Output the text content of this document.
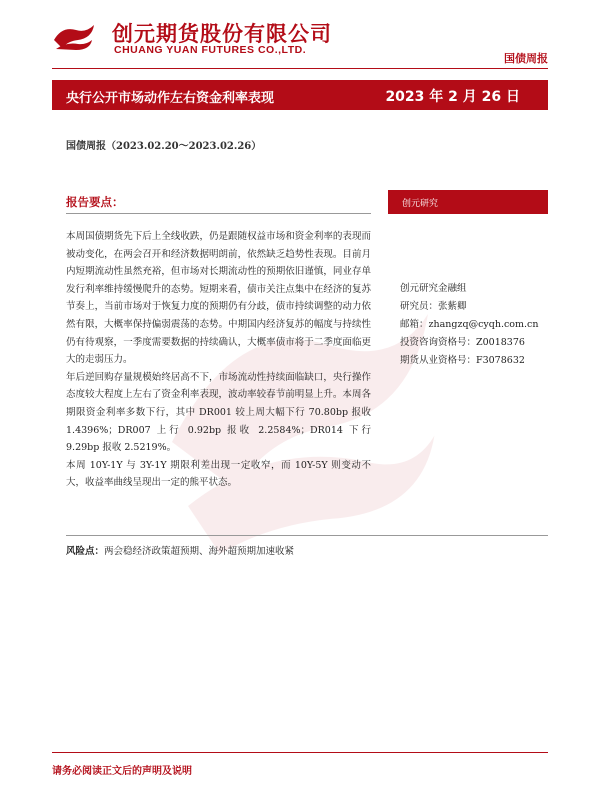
创元期货股份有限公司
CHUANG YUAN FUTURES CO.,LTD.
国债周报
央行公开市场动作左右资金利率表现	2023 年 2 月 26 日
国债周报（2023.02.20～2023.02.26）
报告要点：	创元研究
创元研究金融组
研究员：张紫卿
邮箱：zhangzq@cyqh.com.cn
投资咨询资格号：Z0018376
期货从业资格号：F3078632

本周国债期货先下后上全线收跌，仍是跟随权益市场和资金利率的表现而被动变化，在两会召开和经济数据明朗前，依然缺乏趋势性表现。目前月内短期流动性虽然充裕，但市场对长期流动性的预期依旧谨慎，同业存单发行利率维持缓慢爬升的态势。短期来看，债市关注点集中在经济的复苏节奏上，当前市场对于恢复力度的预期仍有分歧，债市持续调整的动力依然有限，大概率保持偏弱震荡的态势。中期国内经济复苏的幅度与持续性仍有待观察，一季度需要数据的持续确认，大概率债市将于二季度面临更大的走弱压力。

年后逆回购存量规模始终居高不下，市场流动性持续面临缺口，央行操作态度较大程度上左右了资金利率表现，波动率较春节前明显上升。本周各期限资金利率多数下行，其中 DR001 较上周大幅下行 70.80bp 报收 1.4396%；DR007 上行 0.92bp 报收 2.2584%；DR014 下行 9.29bp 报收 2.5219%。

本周 10Y-1Y 与 3Y-1Y 期限利差出现一定收窄，而 10Y-5Y 则变动不大，收益率曲线呈现出一定的熊平状态。

风险点：两会稳经济政策超预期、海外超预期加速收紧
请务必阅读正文后的声明及说明
